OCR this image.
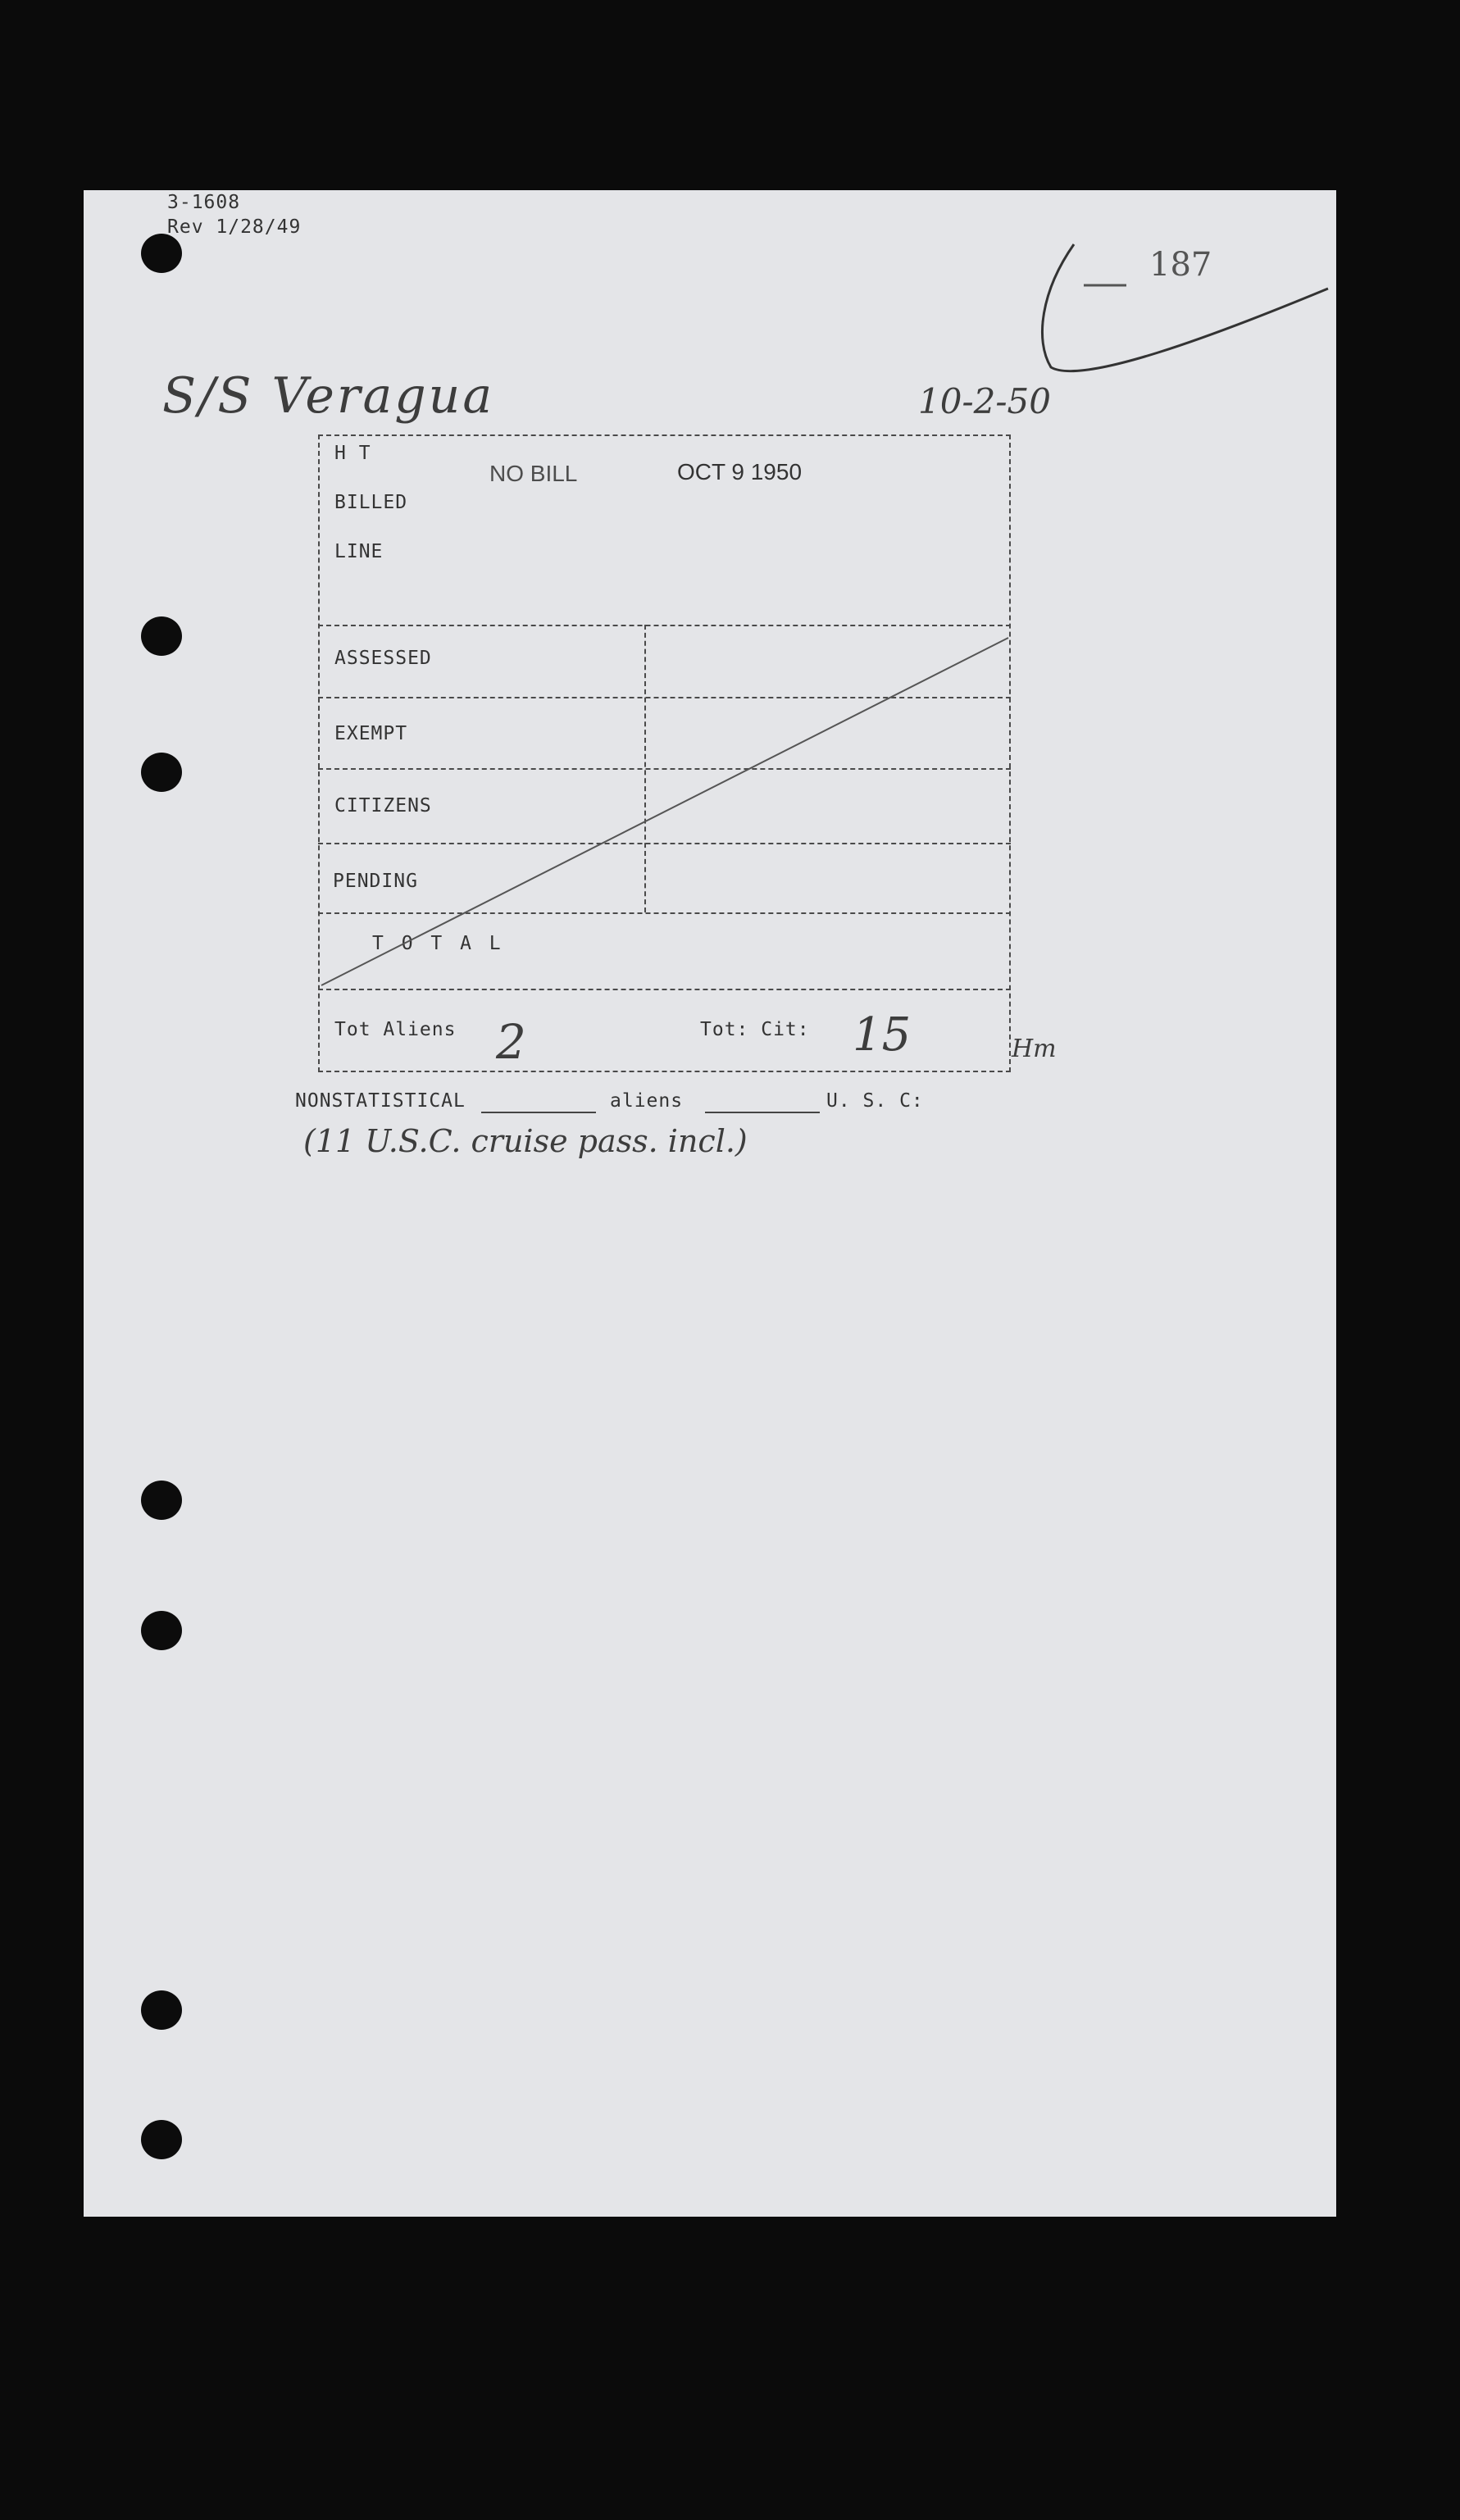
3-1608
Rev 1/28/49
187
S/S Veragua	10-2-50
H T
BILLED
LINE
NO BILL	OCT 9 1950
ASSESSED
EXEMPT
CITIZENS
PENDING
T O T A L
Tot Aliens 2	Tot: Cit: 15	Hm
NONSTATISTICAL	aliens	U. S. C:
(11 U.S.C. cruise pass. incl.)
